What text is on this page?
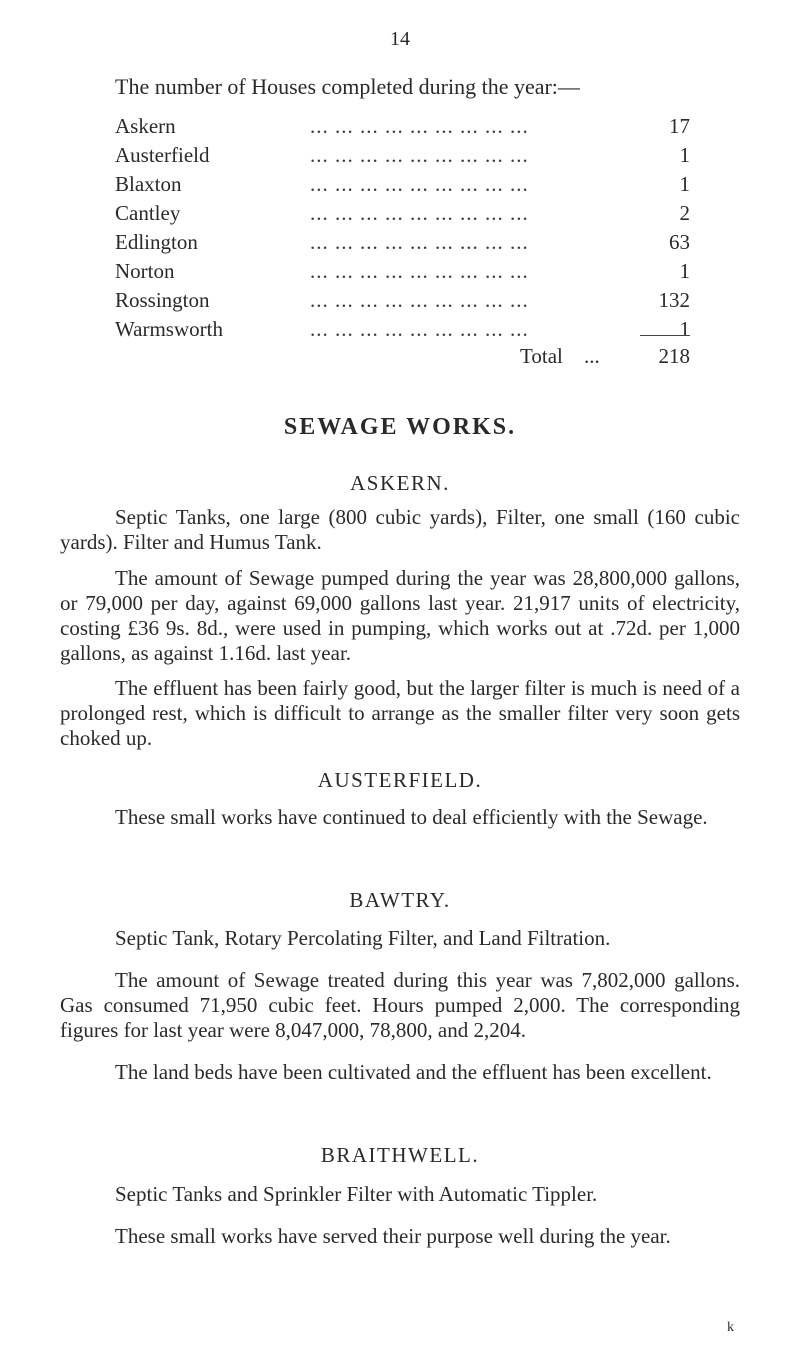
14
The number of Houses completed during the year:—
Askern	... ... ... ... ... ... ... ... ...	17
Austerfield	... ... ... ... ... ... ... ... ...	1
Blaxton	... ... ... ... ... ... ... ... ...	1
Cantley	... ... ... ... ... ... ... ... ...	2
Edlington	... ... ... ... ... ... ... ... ...	63
Norton	... ... ... ... ... ... ... ... ...	1
Rossington	... ... ... ... ... ... ... ... ...	132
Warmsworth	... ... ... ... ... ... ... ... ...	1
Total ...	218
SEWAGE WORKS.
ASKERN.

Septic Tanks, one large (800 cubic yards), Filter, one small (160 cubic yards). Filter and Humus Tank.

The amount of Sewage pumped during the year was 28,800,000 gallons, or 79,000 per day, against 69,000 gallons last year. 21,917 units of electricity, costing £36 9s. 8d., were used in pumping, which works out at .72d. per 1,000 gallons, as against 1.16d. last year.

The effluent has been fairly good, but the larger filter is much is need of a prolonged rest, which is difficult to arrange as the smaller filter very soon gets choked up.

AUSTERFIELD.

These small works have continued to deal efficiently with the Sewage.

BAWTRY.

Septic Tank, Rotary Percolating Filter, and Land Filtration.

The amount of Sewage treated during this year was 7,802,000 gallons. Gas consumed 71,950 cubic feet. Hours pumped 2,000. The corresponding figures for last year were 8,047,000, 78,800, and 2,204.

The land beds have been cultivated and the effluent has been excellent.

BRAITHWELL.

Septic Tanks and Sprinkler Filter with Automatic Tippler.

These small works have served their purpose well during the year.

k
